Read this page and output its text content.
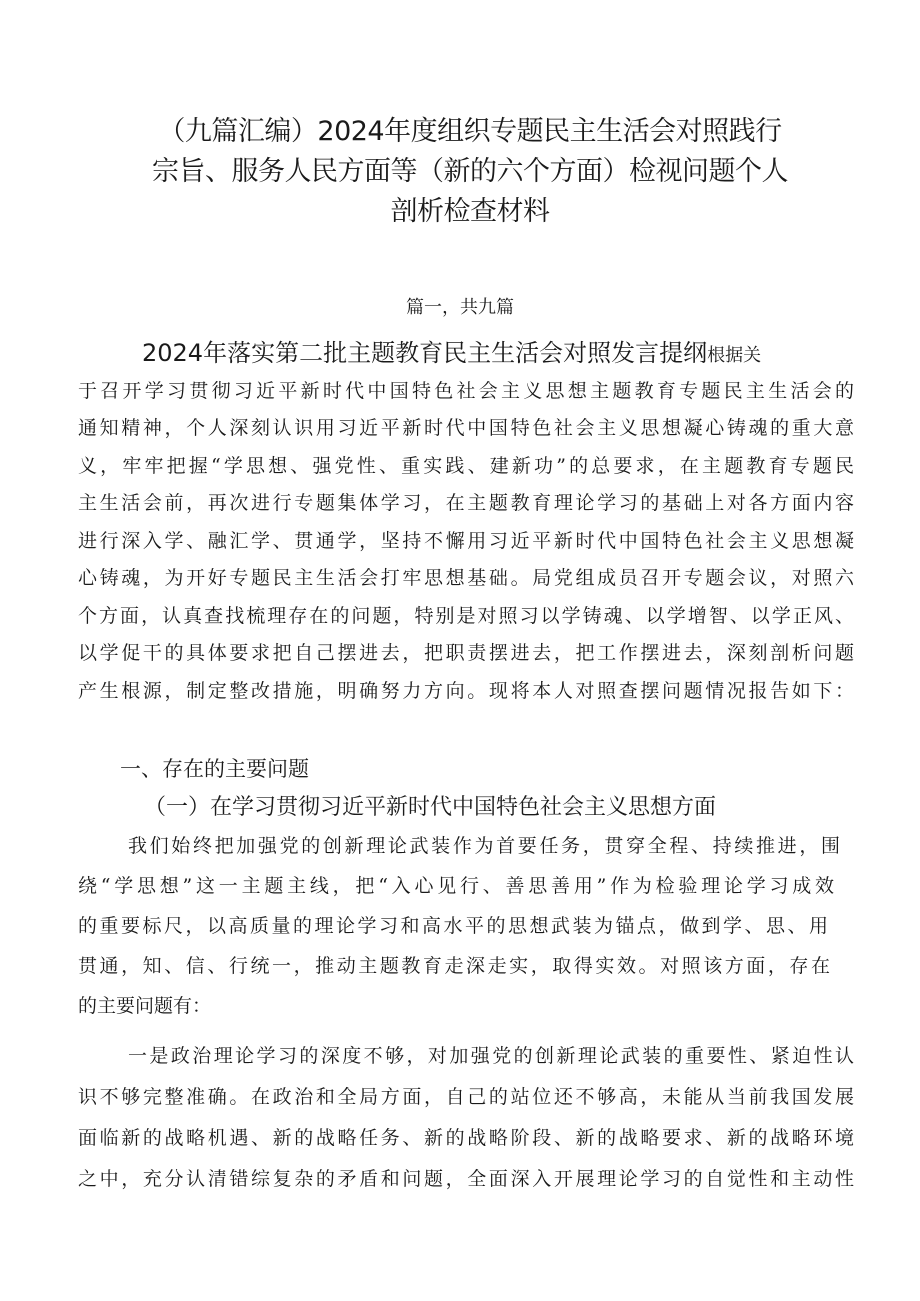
（九篇汇编）2024年度组织专题民主生活会对照践行
宗旨、服务人民方面等（新的六个方面）检视问题个人
剖析检查材料
篇一，共九篇
2024年落实第二批主题教育民主生活会对照发言提纲根据关
于召开学习贯彻习近平新时代中国特色社会主义思想主题教育专题民主生活会的
通知精神，个人深刻认识用习近平新时代中国特色社会主义思想凝心铸魂的重大意
义，牢牢把握“学思想、强党性、重实践、建新功”的总要求，在主题教育专题民
主生活会前，再次进行专题集体学习，在主题教育理论学习的基础上对各方面内容
进行深入学、融汇学、贯通学，坚持不懈用习近平新时代中国特色社会主义思想凝
心铸魂，为开好专题民主生活会打牢思想基础。局党组成员召开专题会议，对照六
个方面，认真查找梳理存在的问题，特别是对照习以学铸魂、以学增智、以学正风、
以学促干的具体要求把自己摆进去，把职责摆进去，把工作摆进去，深刻剖析问题
产生根源，制定整改措施，明确努力方向。现将本人对照查摆问题情况报告如下：
一、存在的主要问题
（一）在学习贯彻习近平新时代中国特色社会主义思想方面
我们始终把加强党的创新理论武装作为首要任务，贯穿全程、持续推进，围
绕“学思想”这一主题主线，把“入心见行、善思善用”作为检验理论学习成效
的重要标尺，以高质量的理论学习和高水平的思想武装为锚点，做到学、思、用
贯通，知、信、行统一，推动主题教育走深走实，取得实效。对照该方面，存在
的主要问题有：
一是政治理论学习的深度不够，对加强党的创新理论武装的重要性、紧迫性认
识不够完整准确。在政治和全局方面，自己的站位还不够高，未能从当前我国发展
面临新的战略机遇、新的战略任务、新的战略阶段、新的战略要求、新的战略环境
之中，充分认清错综复杂的矛盾和问题，全面深入开展理论学习的自觉性和主动性
